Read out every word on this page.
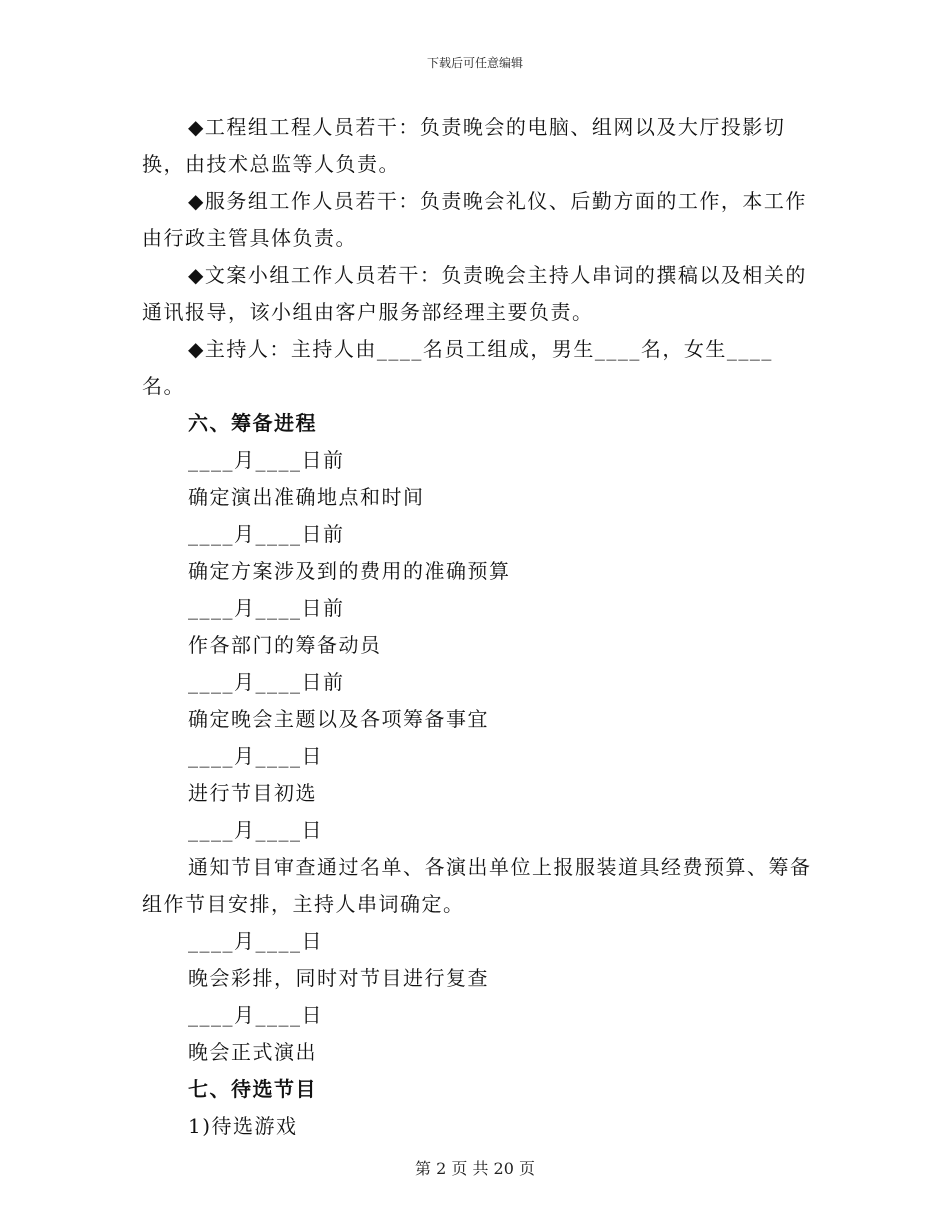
下载后可任意编辑

◆工程组工程人员若干：负责晚会的电脑、组网以及大厅投影切换，由技术总监等人负责。

◆服务组工作人员若干：负责晚会礼仪、后勤方面的工作，本工作由行政主管具体负责。

◆文案小组工作人员若干：负责晚会主持人串词的撰稿以及相关的通讯报导，该小组由客户服务部经理主要负责。

◆主持人：主持人由____名员工组成，男生____名，女生____名。

六、筹备进程

____月____日前

确定演出准确地点和时间

____月____日前

确定方案涉及到的费用的准确预算

____月____日前

作各部门的筹备动员

____月____日前

确定晚会主题以及各项筹备事宜

____月____日

进行节目初选

____月____日

通知节目审查通过名单、各演出单位上报服装道具经费预算、筹备组作节目安排，主持人串词确定。

____月____日

晚会彩排，同时对节目进行复查

____月____日

晚会正式演出

七、待选节目

1)待选游戏

第 2 页 共 20 页
